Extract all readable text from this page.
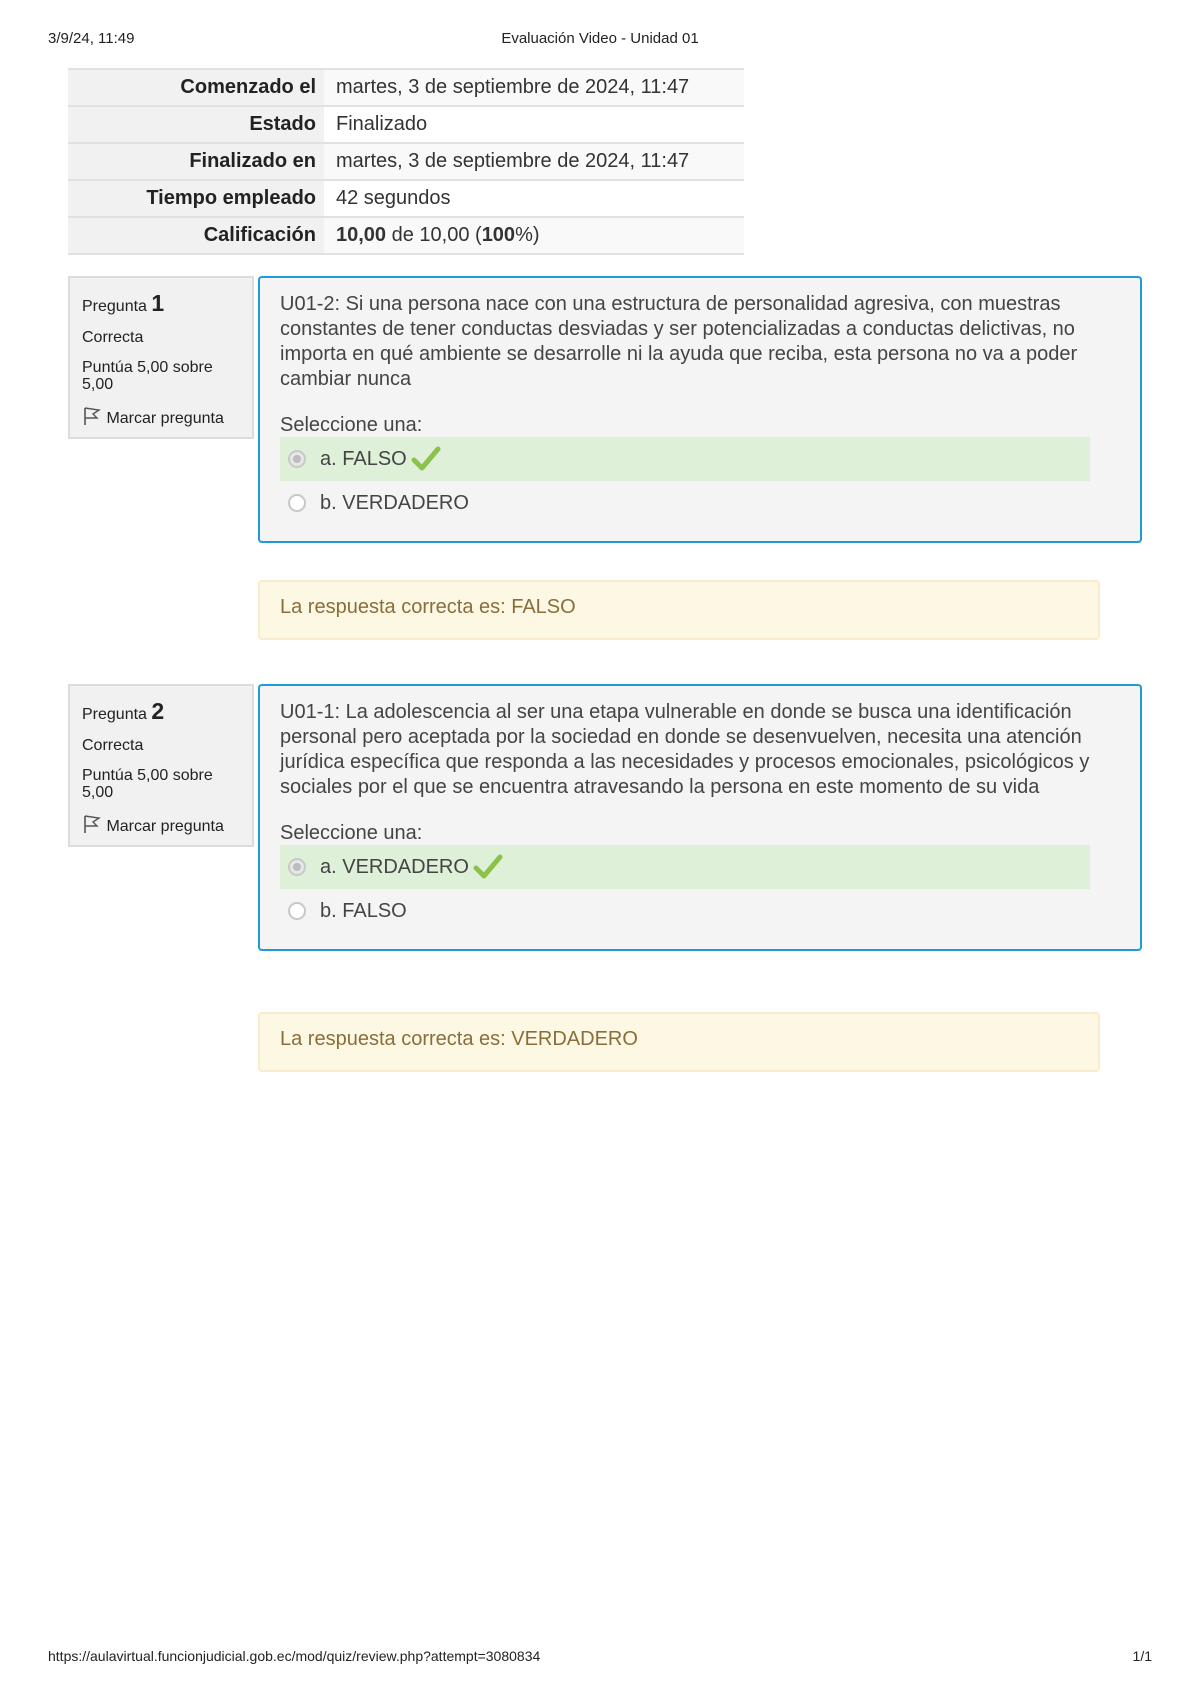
3/9/24, 11:49	Evaluación Video - Unidad 01
Comenzado el	martes, 3 de septiembre de 2024, 11:47
Estado	Finalizado
Finalizado en	martes, 3 de septiembre de 2024, 11:47
Tiempo empleado	42 segundos
Calificación	10,00 de 10,00 (100%)
Pregunta 1
Correcta
Puntúa 5,00 sobre 5,00
Marcar pregunta
U01-2: Si una persona nace con una estructura de personalidad agresiva, con muestras constantes de tener conductas desviadas y ser potencializadas a conductas delictivas, no importa en qué ambiente se desarrolle ni la ayuda que reciba, esta persona no va a poder cambiar nunca
Seleccione una:
a. FALSO
b. VERDADERO
La respuesta correcta es: FALSO
Pregunta 2
Correcta
Puntúa 5,00 sobre 5,00
Marcar pregunta
U01-1: La adolescencia al ser una etapa vulnerable en donde se busca una identificación personal pero aceptada por la sociedad en donde se desenvuelven, necesita una atención jurídica específica que responda a las necesidades y procesos emocionales, psicológicos y sociales por el que se encuentra atravesando la persona en este momento de su vida
Seleccione una:
a. VERDADERO
b. FALSO
La respuesta correcta es: VERDADERO
https://aulavirtual.funcionjudicial.gob.ec/mod/quiz/review.php?attempt=3080834	1/1
